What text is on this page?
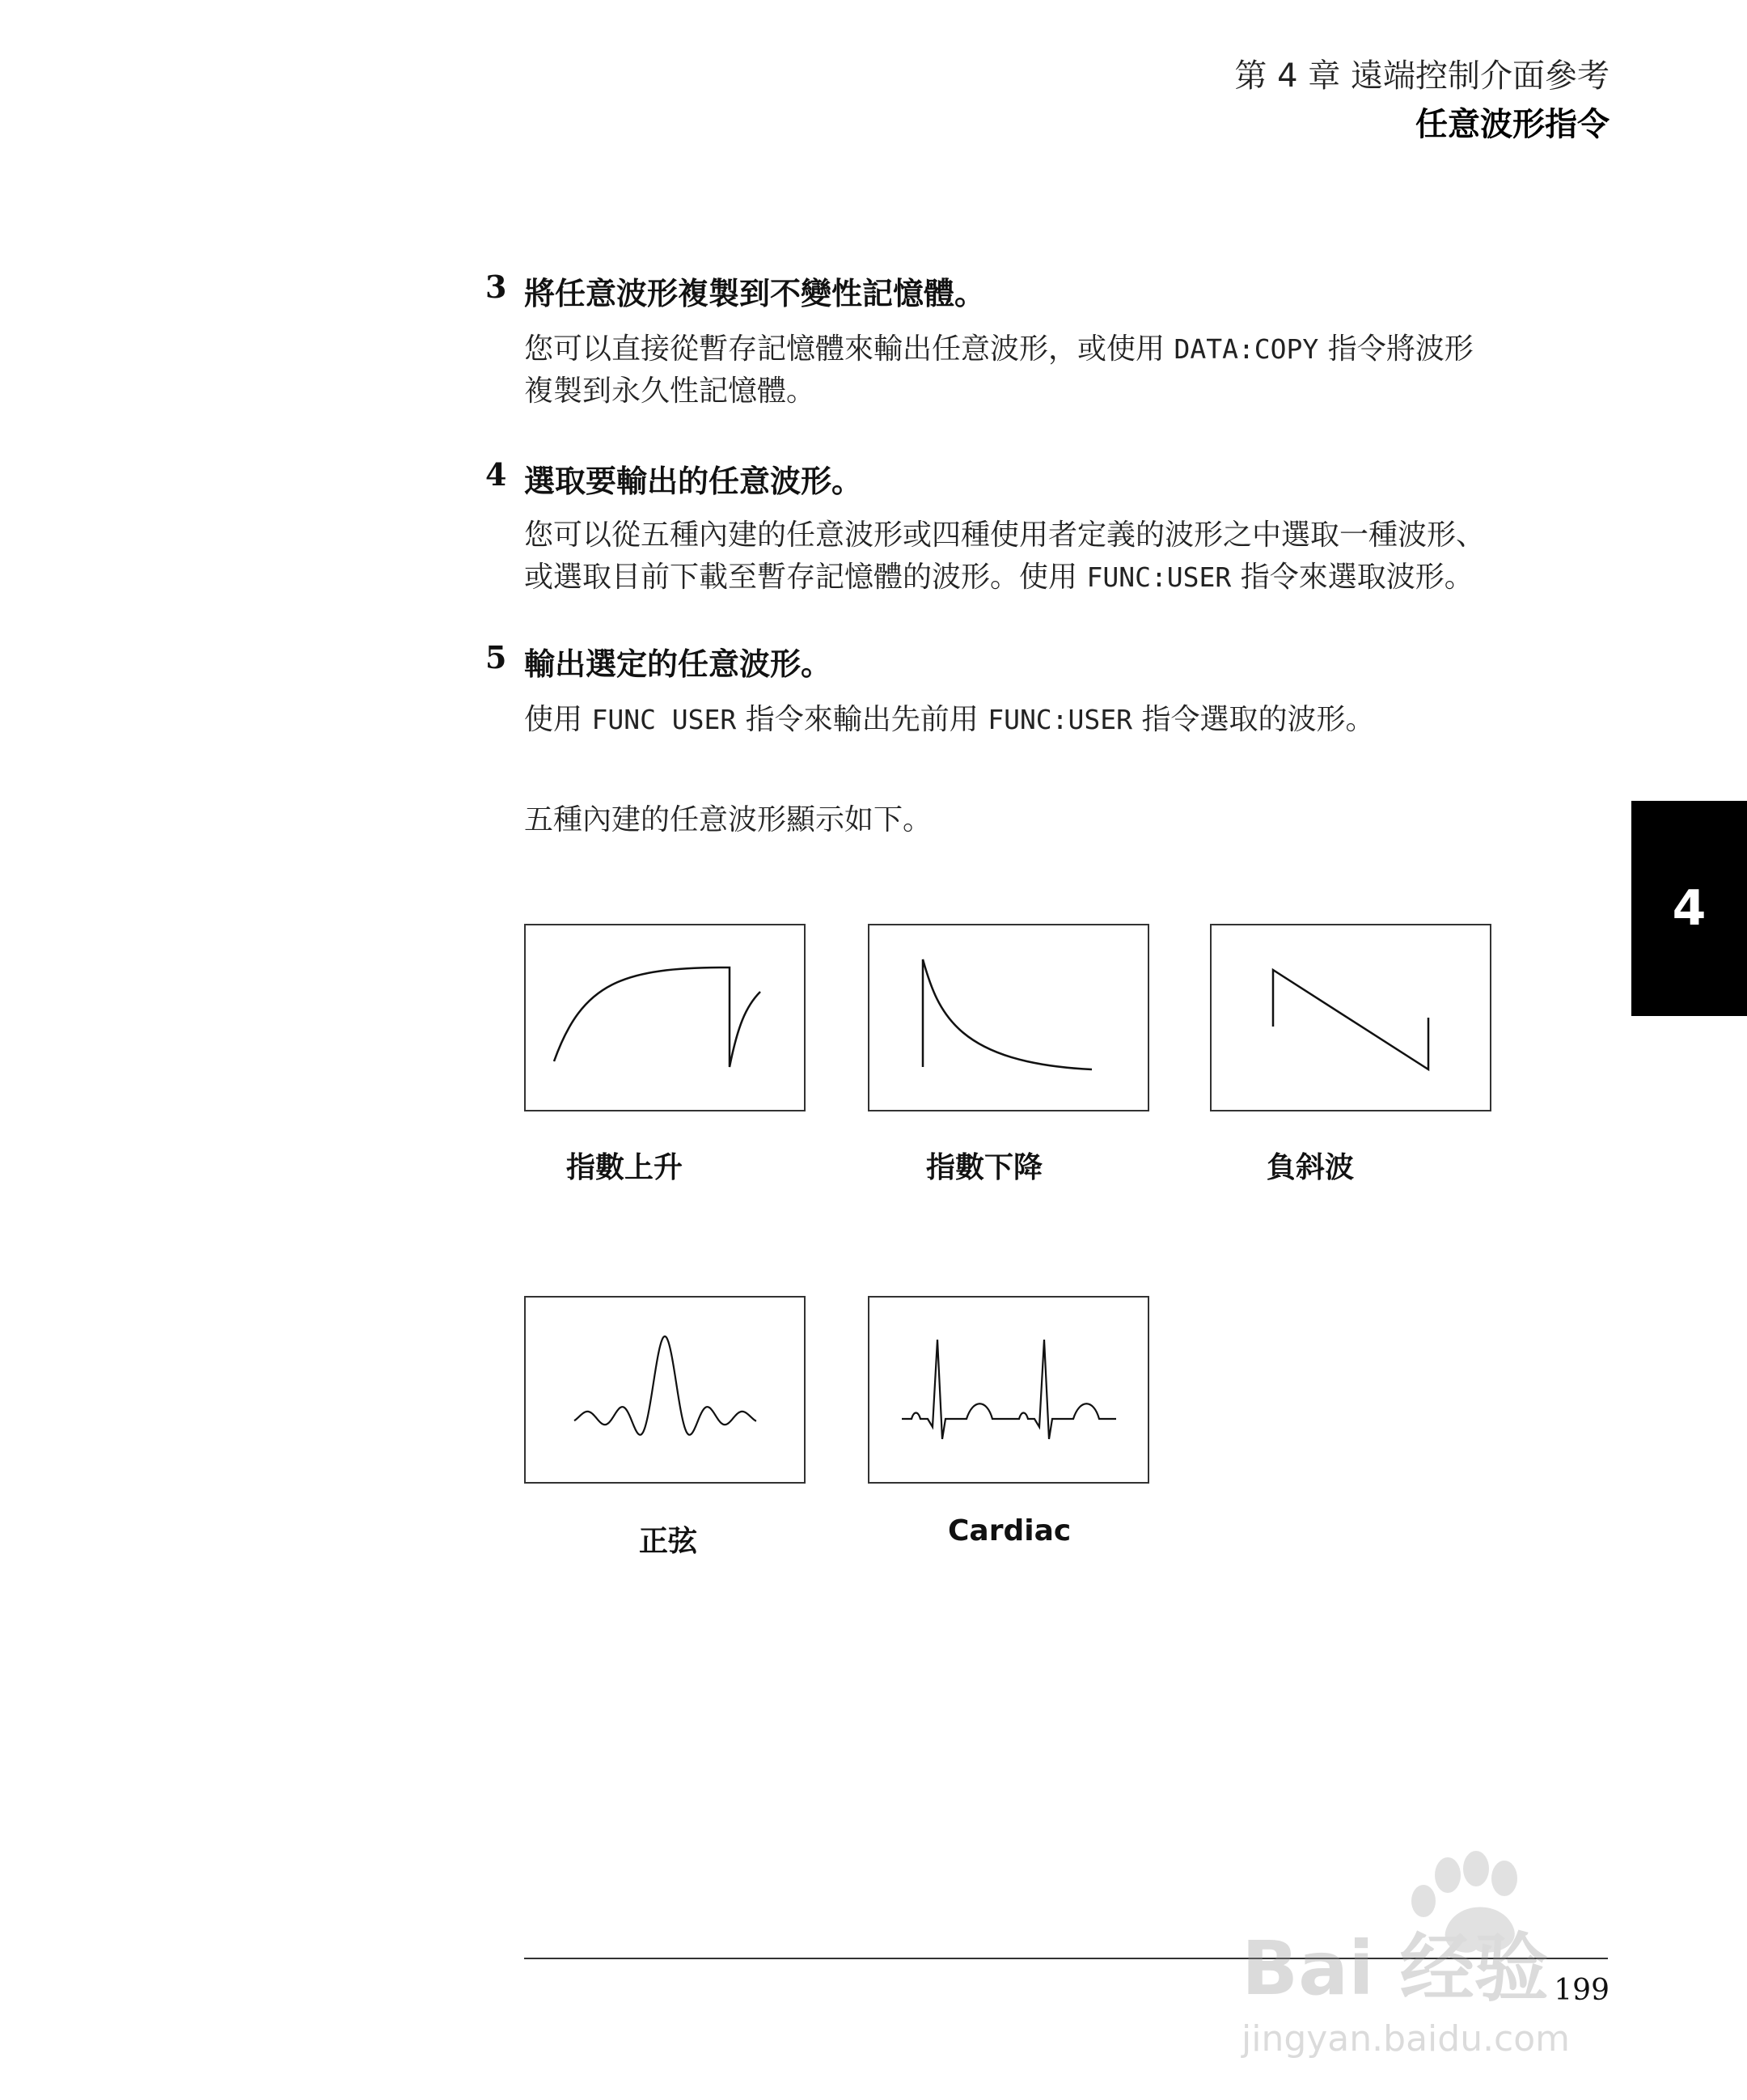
第 4 章 遠端控制介面參考
任意波形指令
3 將任意波形複製到不變性記憶體。
您可以直接從暫存記憶體來輸出任意波形，或使用 DATA:COPY 指令將波形
複製到永久性記憶體。
4 選取要輸出的任意波形。
您可以從五種內建的任意波形或四種使用者定義的波形之中選取一種波形、
或選取目前下載至暫存記憶體的波形。使用 FUNC:USER 指令來選取波形。
5 輸出選定的任意波形。
使用 FUNC USER 指令來輸出先前用 FUNC:USER 指令選取的波形。
五種內建的任意波形顯示如下。
4
指數上升	指數下降	負斜波
正弦	Cardiac
199
Bai 经验
jingyan.baidu.com
